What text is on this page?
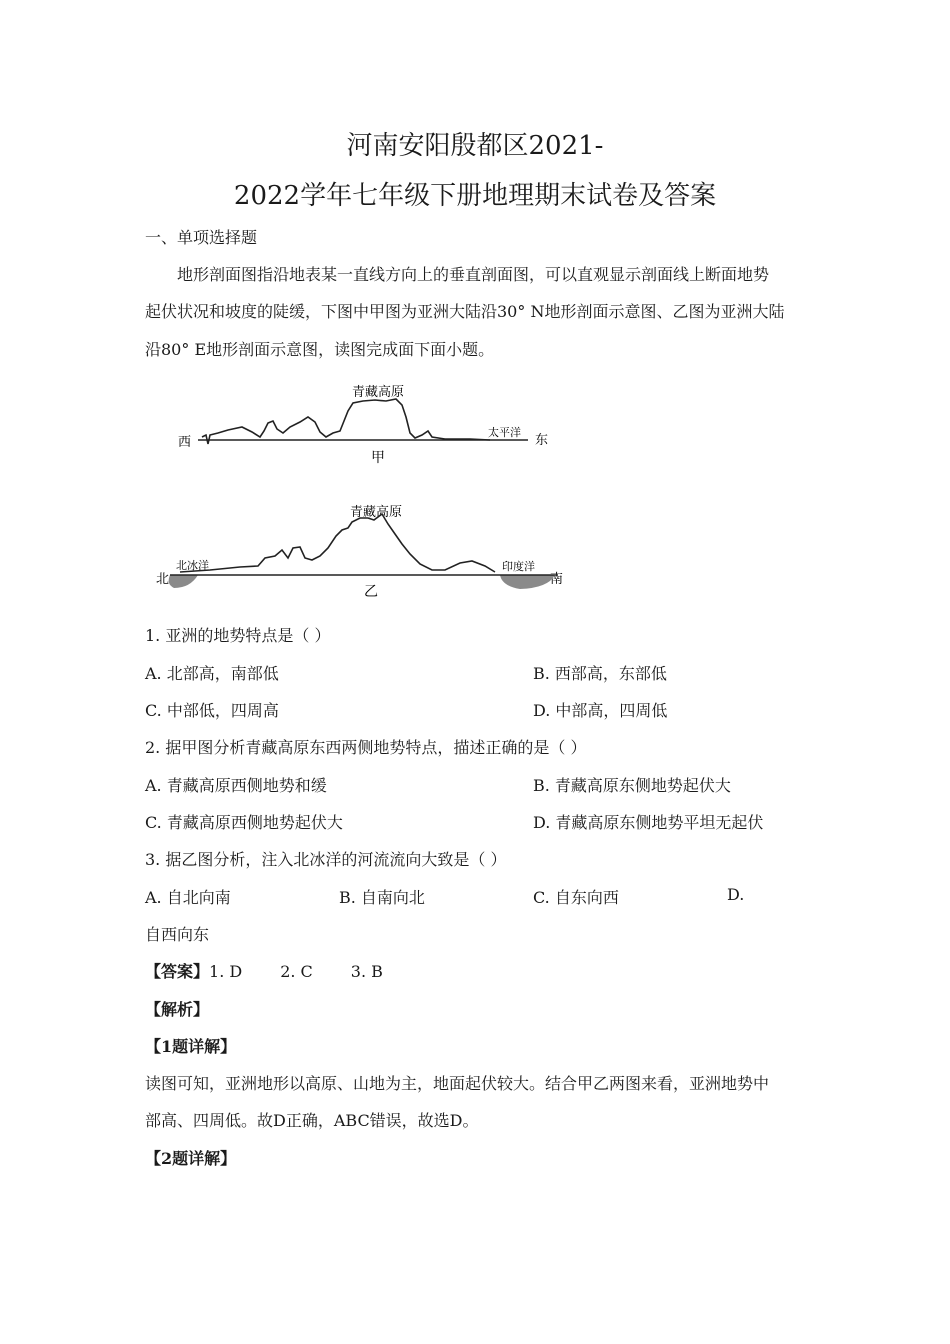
河南安阳殷都区2021-
2022学年七年级下册地理期末试卷及答案
一、单项选择题
地形剖面图指沿地表某一直线方向上的垂直剖面图，可以直观显示剖面线上断面地势
起伏状况和坡度的陡缓，下图中甲图为亚洲大陆沿30° N地形剖面示意图、乙图为亚洲大陆
沿80° E地形剖面示意图，读图完成面下面小题。
西	东
青藏高原
太平洋
甲
北	南
青藏高原
北冰洋	印度洋
乙
1. 亚洲的地势特点是（ ）
A. 北部高，南部低	B. 西部高，东部低
C. 中部低，四周高	D. 中部高，四周低
2. 据甲图分析青藏高原东西两侧地势特点，描述正确的是（ ）
A. 青藏高原西侧地势和缓	B. 青藏高原东侧地势起伏大
C. 青藏高原西侧地势起伏大	D. 青藏高原东侧地势平坦无起伏
3. 据乙图分析，注入北冰洋的河流流向大致是（ ）
A. 自北向南	B. 自南向北	C. 自东向西	D.
自西向东
【答案】1. D 2. C 3. B
【解析】
【1题详解】
读图可知，亚洲地形以高原、山地为主，地面起伏较大。结合甲乙两图来看，亚洲地势中
部高、四周低。故D正确，ABC错误，故选D。
【2题详解】
